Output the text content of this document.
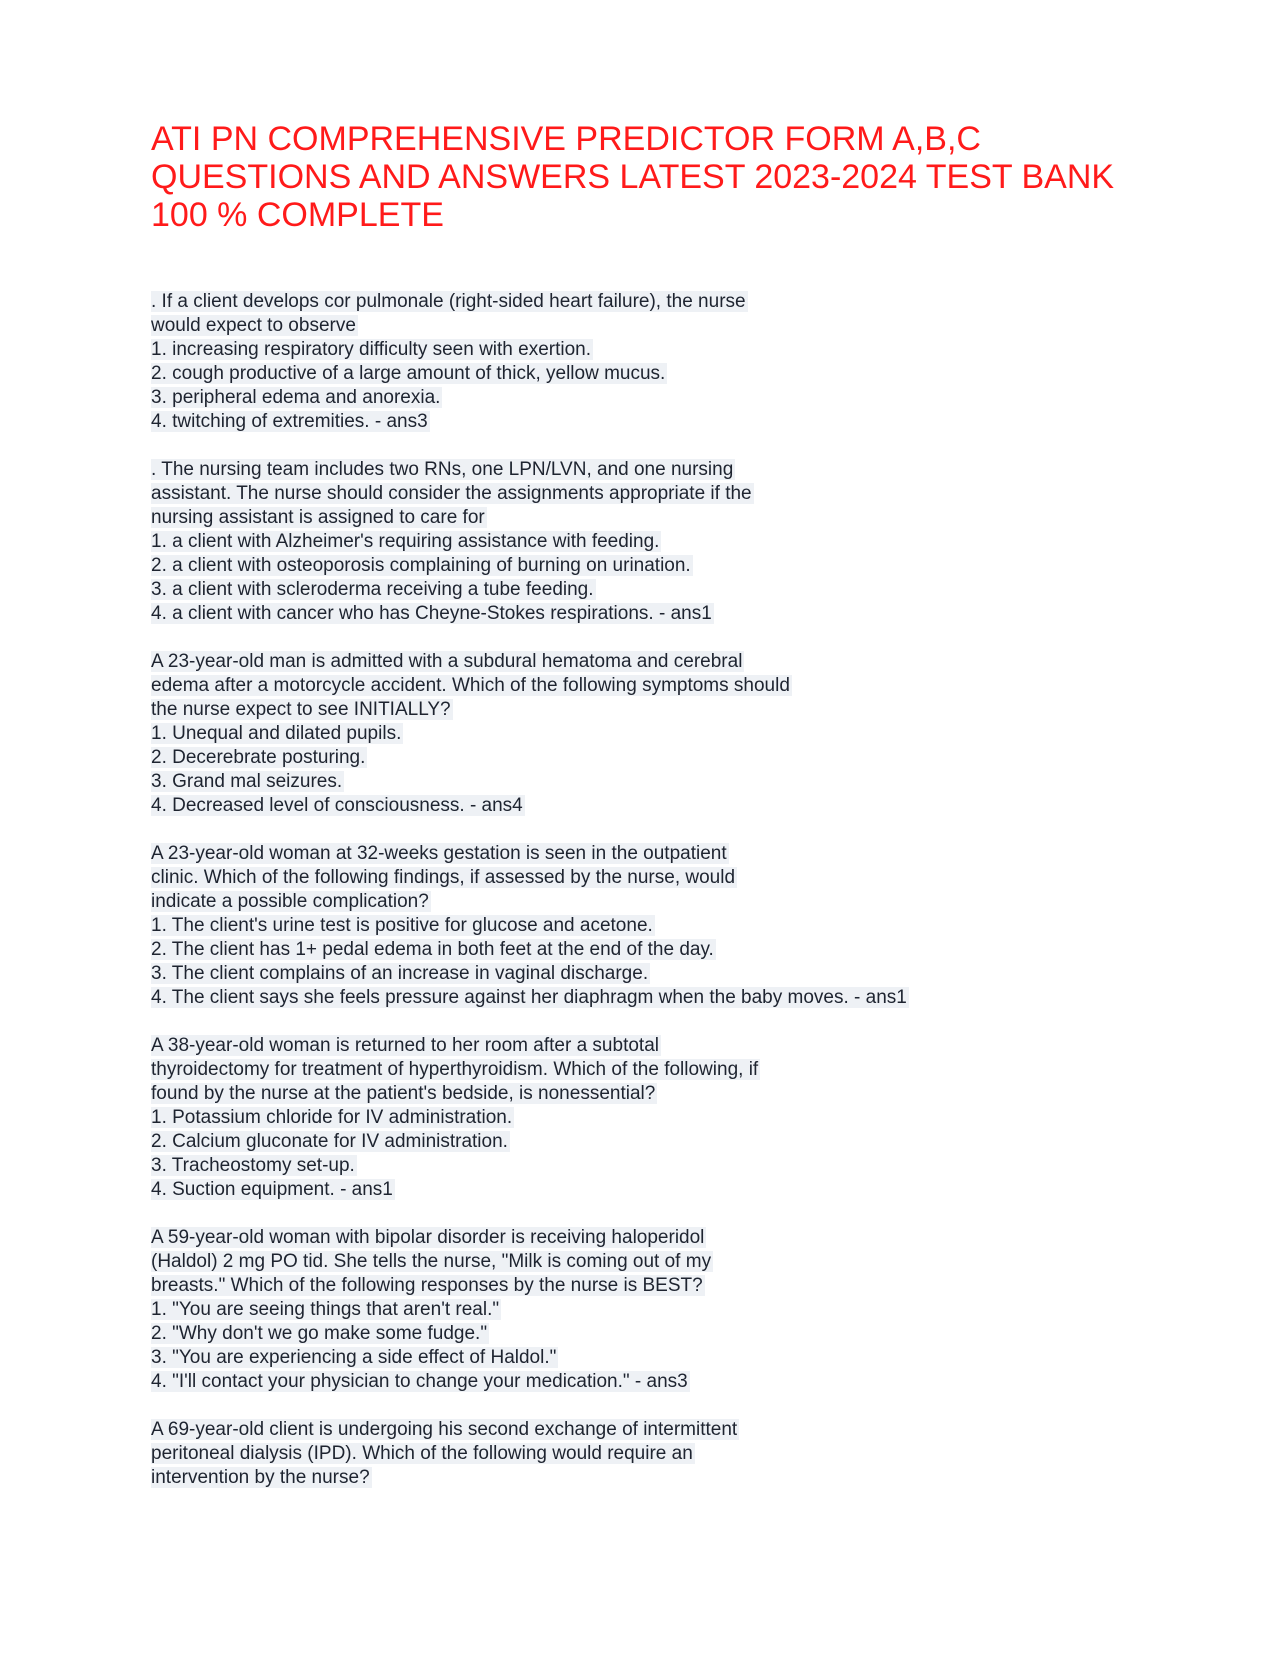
ATI PN COMPREHENSIVE PREDICTOR FORM A,B,C
QUESTIONS AND ANSWERS LATEST 2023-2024 TEST BANK
100 % COMPLETE
. If a client develops cor pulmonale (right-sided heart failure), the nurse
would expect to observe
1. increasing respiratory difficulty seen with exertion.
2. cough productive of a large amount of thick, yellow mucus.
3. peripheral edema and anorexia.
4. twitching of extremities. - ans3
. The nursing team includes two RNs, one LPN/LVN, and one nursing
assistant. The nurse should consider the assignments appropriate if the
nursing assistant is assigned to care for
1. a client with Alzheimer's requiring assistance with feeding.
2. a client with osteoporosis complaining of burning on urination.
3. a client with scleroderma receiving a tube feeding.
4. a client with cancer who has Cheyne-Stokes respirations. - ans1
A 23-year-old man is admitted with a subdural hematoma and cerebral
edema after a motorcycle accident. Which of the following symptoms should
the nurse expect to see INITIALLY?
1. Unequal and dilated pupils.
2. Decerebrate posturing.
3. Grand mal seizures.
4. Decreased level of consciousness. - ans4
A 23-year-old woman at 32-weeks gestation is seen in the outpatient
clinic. Which of the following findings, if assessed by the nurse, would
indicate a possible complication?
1. The client's urine test is positive for glucose and acetone.
2. The client has 1+ pedal edema in both feet at the end of the day.
3. The client complains of an increase in vaginal discharge.
4. The client says she feels pressure against her diaphragm when the baby moves. - ans1
A 38-year-old woman is returned to her room after a subtotal
thyroidectomy for treatment of hyperthyroidism. Which of the following, if
found by the nurse at the patient's bedside, is nonessential?
1. Potassium chloride for IV administration.
2. Calcium gluconate for IV administration.
3. Tracheostomy set-up.
4. Suction equipment. - ans1
A 59-year-old woman with bipolar disorder is receiving haloperidol
(Haldol) 2 mg PO tid. She tells the nurse, "Milk is coming out of my
breasts." Which of the following responses by the nurse is BEST?
1. "You are seeing things that aren't real."
2. "Why don't we go make some fudge."
3. "You are experiencing a side effect of Haldol."
4. "I'll contact your physician to change your medication." - ans3
A 69-year-old client is undergoing his second exchange of intermittent
peritoneal dialysis (IPD). Which of the following would require an
intervention by the nurse?
